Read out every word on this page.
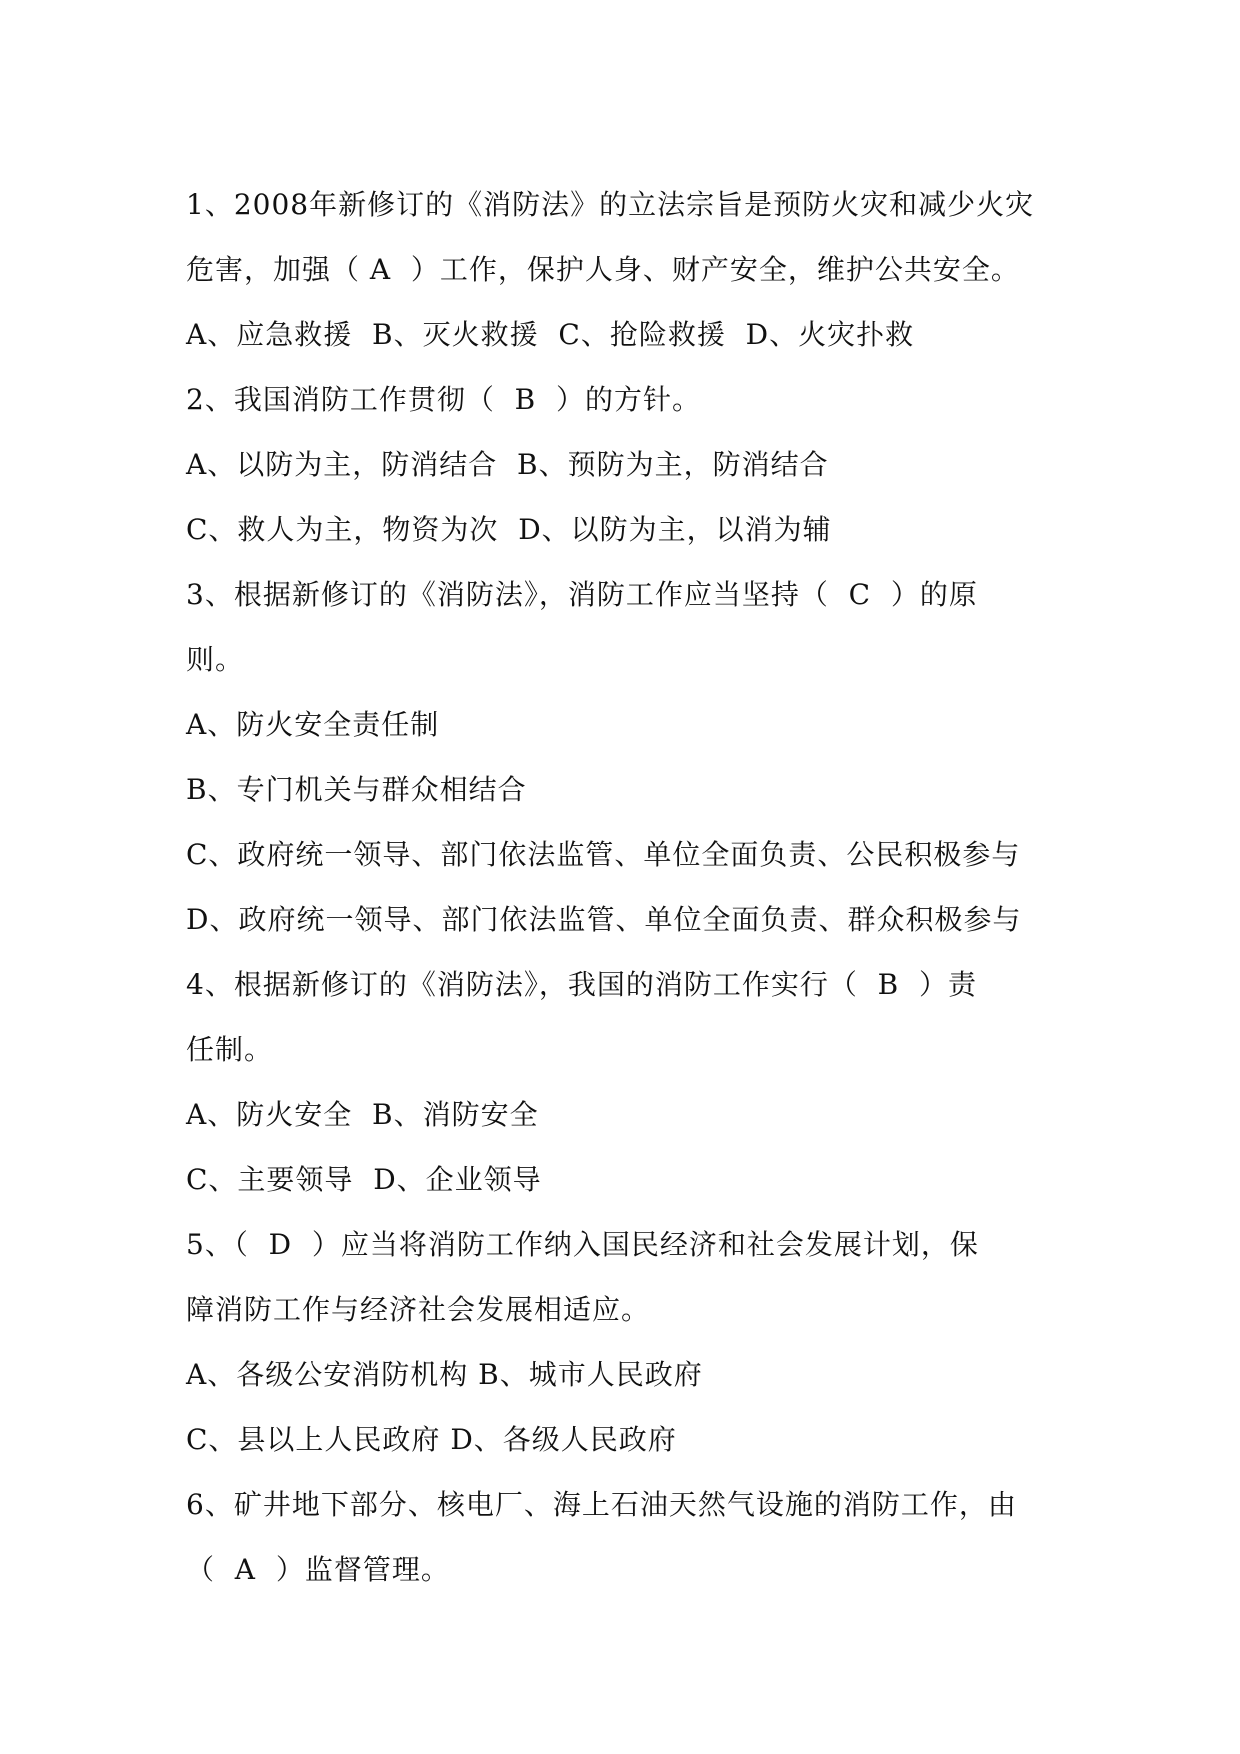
1、2008年新修订的《消防法》的立法宗旨是预防火灾和减少火灾
危害，加强（ A  ）工作，保护人身、财产安全，维护公共安全。
A、应急救援  B、灭火救援  C、抢险救援  D、火灾扑救
2、我国消防工作贯彻（  B  ）的方针。
A、以防为主，防消结合  B、预防为主，防消结合
C、救人为主，物资为次  D、以防为主，以消为辅
3、根据新修订的《消防法》，消防工作应当坚持（  C  ）的原
则。
A、防火安全责任制
B、专门机关与群众相结合
C、政府统一领导、部门依法监管、单位全面负责、公民积极参与
D、政府统一领导、部门依法监管、单位全面负责、群众积极参与
4、根据新修订的《消防法》，我国的消防工作实行（  B  ）责
任制。
A、防火安全  B、消防安全
C、主要领导  D、企业领导
5、（  D  ）应当将消防工作纳入国民经济和社会发展计划，保
障消防工作与经济社会发展相适应。
A、各级公安消防机构 B、城市人民政府
C、县以上人民政府 D、各级人民政府
6、矿井地下部分、核电厂、海上石油天然气设施的消防工作，由
（  A  ）监督管理。
